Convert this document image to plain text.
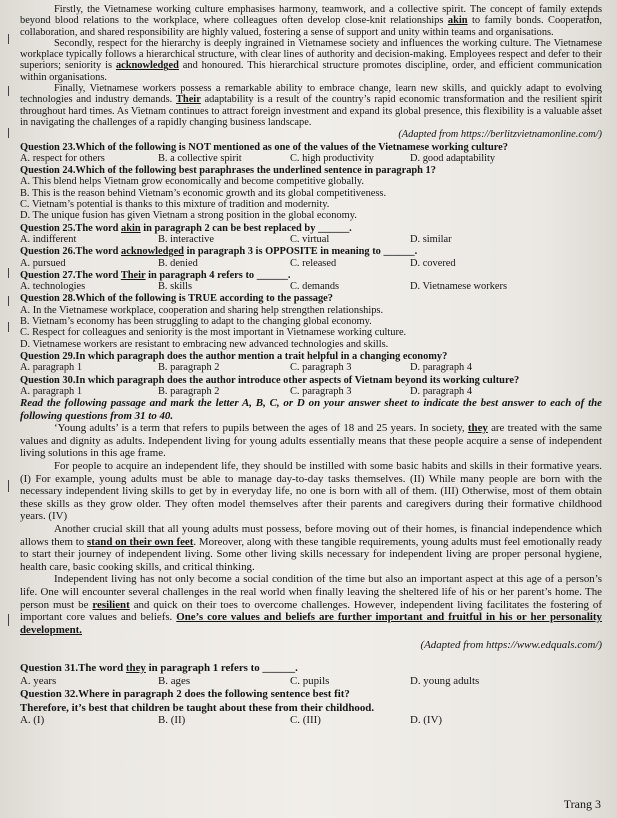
Firstly, the Vietnamese working culture emphasises harmony, teamwork, and a collective spirit. The concept of family extends beyond blood relations to the workplace, where colleagues often develop close-knit relationships akin to family bonds. Cooperation, collaboration, and shared responsibility are highly valued, fostering a sense of support and unity within teams and organisations.

Secondly, respect for the hierarchy is deeply ingrained in Vietnamese society and influences the working culture. The Vietnamese workplace typically follows a hierarchical structure, with clear lines of authority and decision-making. Employees respect and defer to their superiors; seniority is acknowledged and honoured. This hierarchical structure promotes discipline, order, and efficient communication within organisations.

Finally, Vietnamese workers possess a remarkable ability to embrace change, learn new skills, and quickly adapt to evolving technologies and industry demands. Their adaptability is a result of the country’s rapid economic transformation and the resilient spirit throughout hard times. As Vietnam continues to attract foreign investment and expand its global presence, this flexibility is a valuable asset in navigating the challenges of a rapidly changing business landscape.

(Adapted from https://berlitzvietnamonline.com/)

Question 23.Which of the following is NOT mentioned as one of the values of the Vietnamese working culture?

A. respect for others	B. a collective spirit	C. high productivity	D. good adaptability

Question 24.Which of the following best paraphrases the underlined sentence in paragraph 1?

A. This blend helps Vietnam grow economically and become competitive globally.

B. This is the reason behind Vietnam’s economic growth and its global competitiveness.

C. Vietnam’s potential is thanks to this mixture of tradition and modernity.

D. The unique fusion has given Vietnam a strong position in the global economy.

Question 25.The word akin in paragraph 2 can be best replaced by ______.

A. indifferent	B. interactive	C. virtual	D. similar

Question 26.The word acknowledged in paragraph 3 is OPPOSITE in meaning to ______.

A. pursued	B. denied	C. released	D. covered

Question 27.The word Their in paragraph 4 refers to ______.

A. technologies	B. skills	C. demands	D. Vietnamese workers

Question 28.Which of the following is TRUE according to the passage?

A. In the Vietnamese workplace, cooperation and sharing help strengthen relationships.

B. Vietnam’s economy has been struggling to adapt to the changing global economy.

C. Respect for colleagues and seniority is the most important in Vietnamese working culture.

D. Vietnamese workers are resistant to embracing new advanced technologies and skills.

Question 29.In which paragraph does the author mention a trait helpful in a changing economy?

A. paragraph 1	B. paragraph 2	C. paragraph 3	D. paragraph 4

Question 30.In which paragraph does the author introduce other aspects of Vietnam beyond its working culture?

A. paragraph 1	B. paragraph 2	C. paragraph 3	D. paragraph 4

Read the following passage and mark the letter A, B, C, or D on your answer sheet to indicate the best answer to each of the following questions from 31 to 40.

‘Young adults’ is a term that refers to pupils between the ages of 18 and 25 years. In society, they are treated with the same values and dignity as adults. Independent living for young adults essentially means that these people acquire a sense of independent living solutions in this age frame.

For people to acquire an independent life, they should be instilled with some basic habits and skills in their formative years. (I) For example, young adults must be able to manage day-to-day tasks themselves. (II) While many people are born with the necessary independent living skills to get by in everyday life, no one is born with all of them. (III) Otherwise, most of them obtain these skills as they grow older. They often model themselves after their parents and caregivers during their formative childhood years. (IV)

Another crucial skill that all young adults must possess, before moving out of their homes, is financial independence which allows them to stand on their own feet. Moreover, along with these tangible requirements, young adults must feel emotionally ready to start their journey of independent living. Some other living skills necessary for independent living are proper personal hygiene, health care, basic cooking skills, and critical thinking.

Independent living has not only become a social condition of the time but also an important aspect at this age of a person’s life. One will encounter several challenges in the real world when finally leaving the sheltered life of his or her parent’s home. The person must be resilient and quick on their toes to overcome challenges. However, independent living facilitates the fostering of important core values and beliefs. One’s core values and beliefs are further important and fruitful in his or her personality development.

(Adapted from https://www.edquals.com/)

Question 31.The word they in paragraph 1 refers to ______.

A. years	B. ages	C. pupils	D. young adults

Question 32.Where in paragraph 2 does the following sentence best fit?

Therefore, it’s best that children be taught about these from their childhood.

A. (I)	B. (II)	C. (III)	D. (IV)
Trang 3
